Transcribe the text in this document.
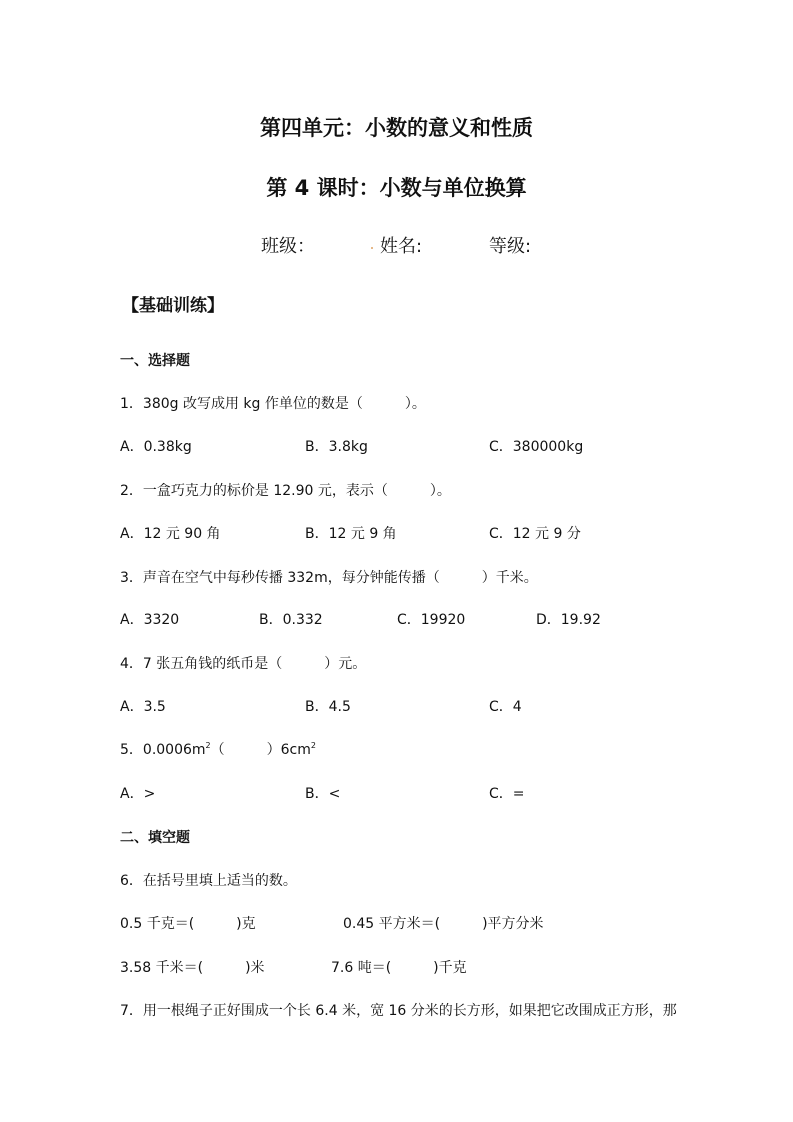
第四单元：小数的意义和性质
第 4 课时：小数与单位换算
班级：	姓名:	等级:
【基础训练】
一、选择题
1．380g 改写成用 kg 作单位的数是（　　　）。
A．0.38kg	B．3.8kg	C．380000kg
2．一盒巧克力的标价是 12.90 元，表示（　　　）。
A．12 元 90 角	B．12 元 9 角	C．12 元 9 分
3．声音在空气中每秒传播 332m，每分钟能传播（　　　）千米。
A．3320	B．0.332	C．19920	D．19.92
4．7 张五角钱的纸币是（　　　）元。
A．3.5	B．4.5	C．4
5．$0.0006m^2$（　　　）$6cm^2$
A．>	B．<	C．=
二、填空题
6．在括号里填上适当的数。
0.5 千克＝(　　　)克	0.45 平方米＝(　　　)平方分米
3.58 千米＝(　　　)米	7.6 吨＝(　　　)千克
7．用一根绳子正好围成一个长 6.4 米，宽 16 分米的长方形，如果把它改围成正方形，那
